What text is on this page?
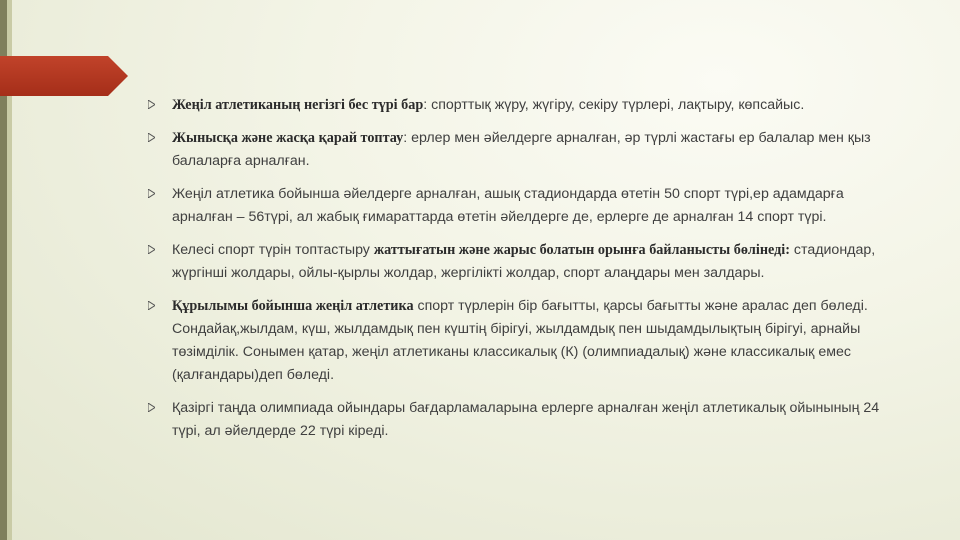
Жеңіл атлетиканың негізгі бес түрі бар: спорттық жүру, жүгіру, секіру түрлері, лақтыру, көпсайыс.
Жынысқа және жасқа қарай топтау: ерлер мен әйелдерге арналған, әр түрлі жастағы ер балалар мен қыз балаларға арналған.
Жеңіл атлетика бойынша әйелдерге арналған, ашық стадиондарда өтетін 50 спорт түрі,ер адамдарға арналған – 56түрі, ал жабық ғимараттарда өтетін әйелдерге де, ерлерге де арналған 14 спорт түрі.
Келесі спорт түрін топтастыру жаттығатын және жарыс болатын орынға байланысты бөлінеді: стадиондар, жүргінші жолдары, ойлы-қырлы жолдар, жергілікті жолдар, спорт алаңдары мен залдары.
Құрылымы бойынша жеңіл атлетика спорт түрлерін бір бағытты, қарсы бағытты және аралас деп бөледі. Сондайақ,жылдам, күш, жылдамдық пен күштің бірігуі, жылдамдық пен шыдамдылықтың бірігуі, арнайы төзімділік. Сонымен қатар, жеңіл атлетиканы классикалық (К) (олимпиадалық) және классикалық емес (қалғандары)деп бөледі.
Қазіргі таңда олимпиада ойындары бағдарламаларына ерлерге арналған жеңіл атлетикалық ойынының 24 түрі, ал әйелдерде 22 түрі кіреді.
